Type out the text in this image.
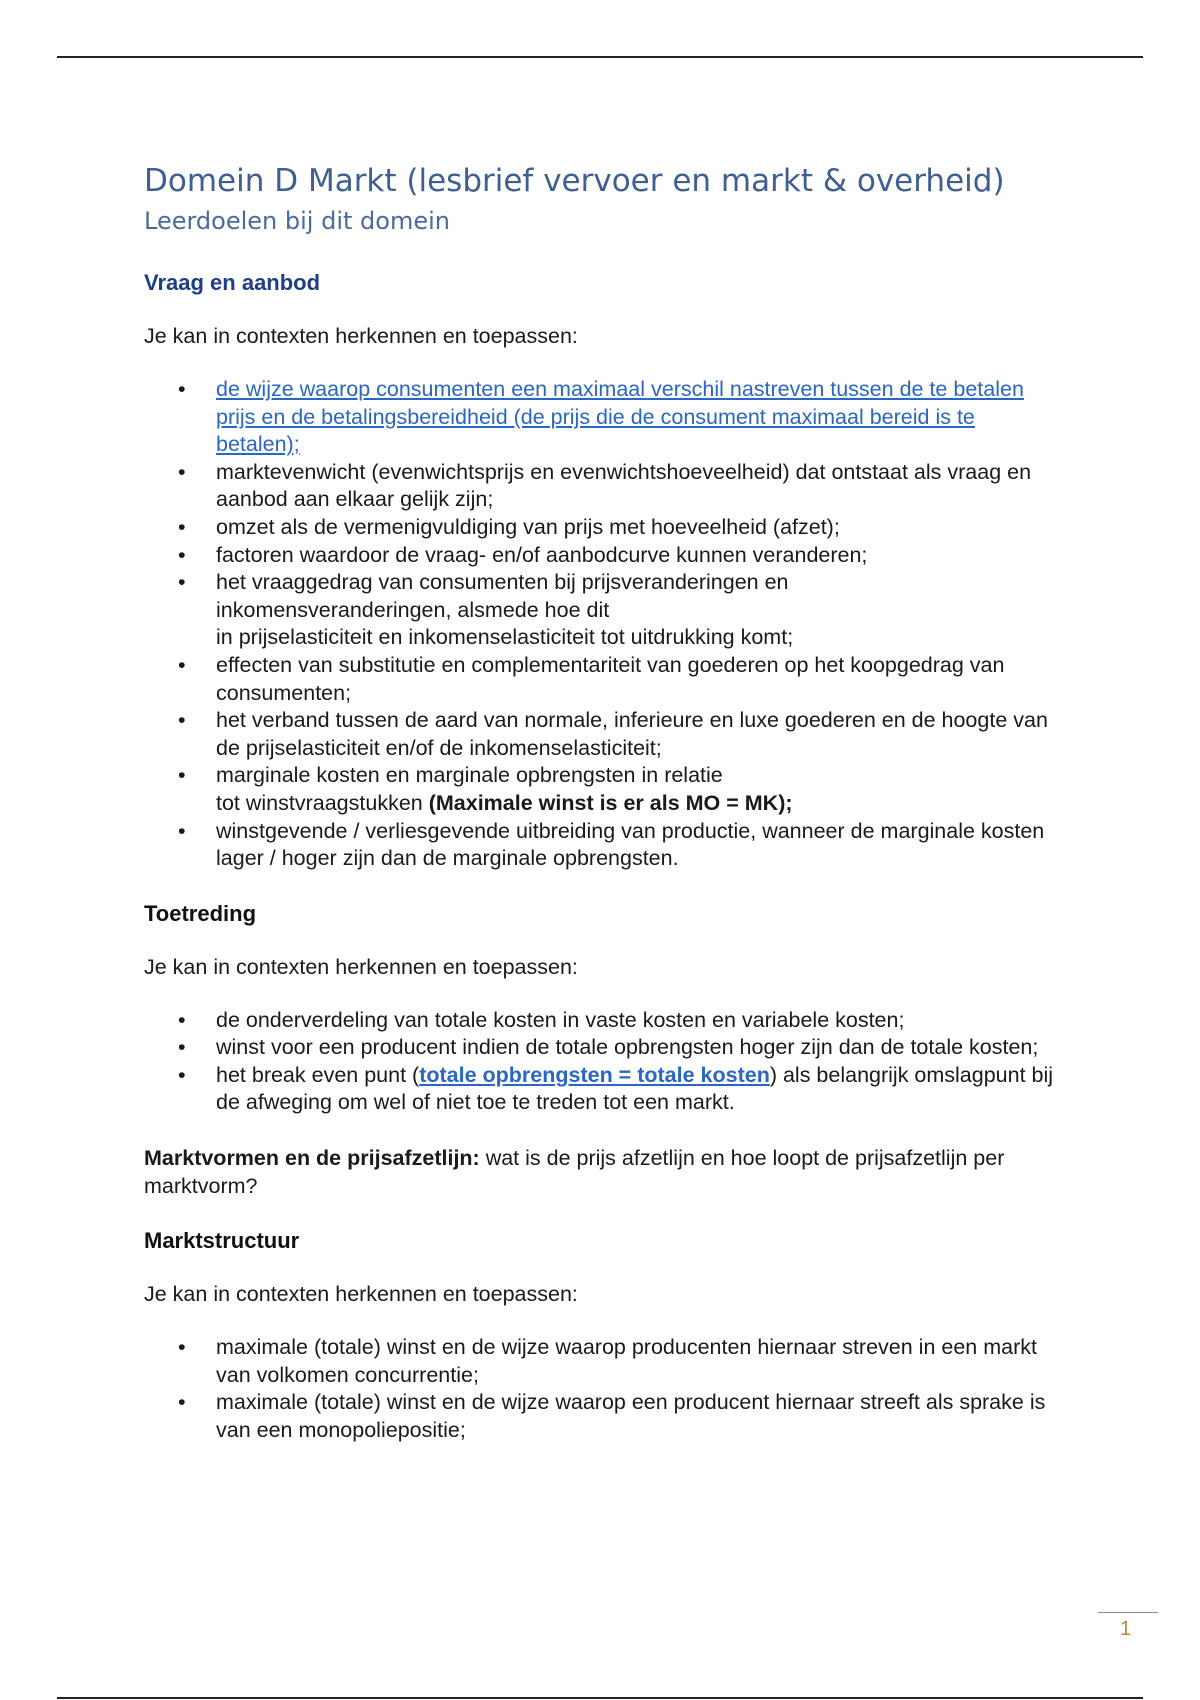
Domein D Markt (lesbrief vervoer en markt & overheid)
Leerdoelen bij dit domein
Vraag en aanbod

Je kan in contexten herkennen en toepassen:

• de wijze waarop consumenten een maximaal verschil nastreven tussen de te betalen prijs en de betalingsbereidheid (de prijs die de consument maximaal bereid is te betalen);
• marktevenwicht (evenwichtsprijs en evenwichtshoeveelheid) dat ontstaat als vraag en aanbod aan elkaar gelijk zijn;
• omzet als de vermenigvuldiging van prijs met hoeveelheid (afzet);
• factoren waardoor de vraag- en/of aanbodcurve kunnen veranderen;
• het vraaggedrag van consumenten bij prijsveranderingen en
inkomensveranderingen, alsmede hoe dit
in prijselasticiteit en inkomenselasticiteit tot uitdrukking komt;
• effecten van substitutie en complementariteit van goederen op het koopgedrag van consumenten;
• het verband tussen de aard van normale, inferieure en luxe goederen en de hoogte van de prijselasticiteit en/of de inkomenselasticiteit;
• marginale kosten en marginale opbrengsten in relatie
tot winstvraagstukken (Maximale winst is er als MO = MK);
• winstgevende / verliesgevende uitbreiding van productie, wanneer de marginale kosten lager / hoger zijn dan de marginale opbrengsten.
Toetreding

Je kan in contexten herkennen en toepassen:

• de onderverdeling van totale kosten in vaste kosten en variabele kosten;
• winst voor een producent indien de totale opbrengsten hoger zijn dan de totale kosten;
• het break even punt (totale opbrengsten = totale kosten) als belangrijk omslagpunt bij de afweging om wel of niet toe te treden tot een markt.

Marktvormen en de prijsafzetlijn: wat is de prijs afzetlijn en hoe loopt de prijsafzetlijn per marktvorm?

Marktstructuur

Je kan in contexten herkennen en toepassen:

• maximale (totale) winst en de wijze waarop producenten hiernaar streven in een markt van volkomen concurrentie;
• maximale (totale) winst en de wijze waarop een producent hiernaar streeft als sprake is van een monopoliepositie;
1
